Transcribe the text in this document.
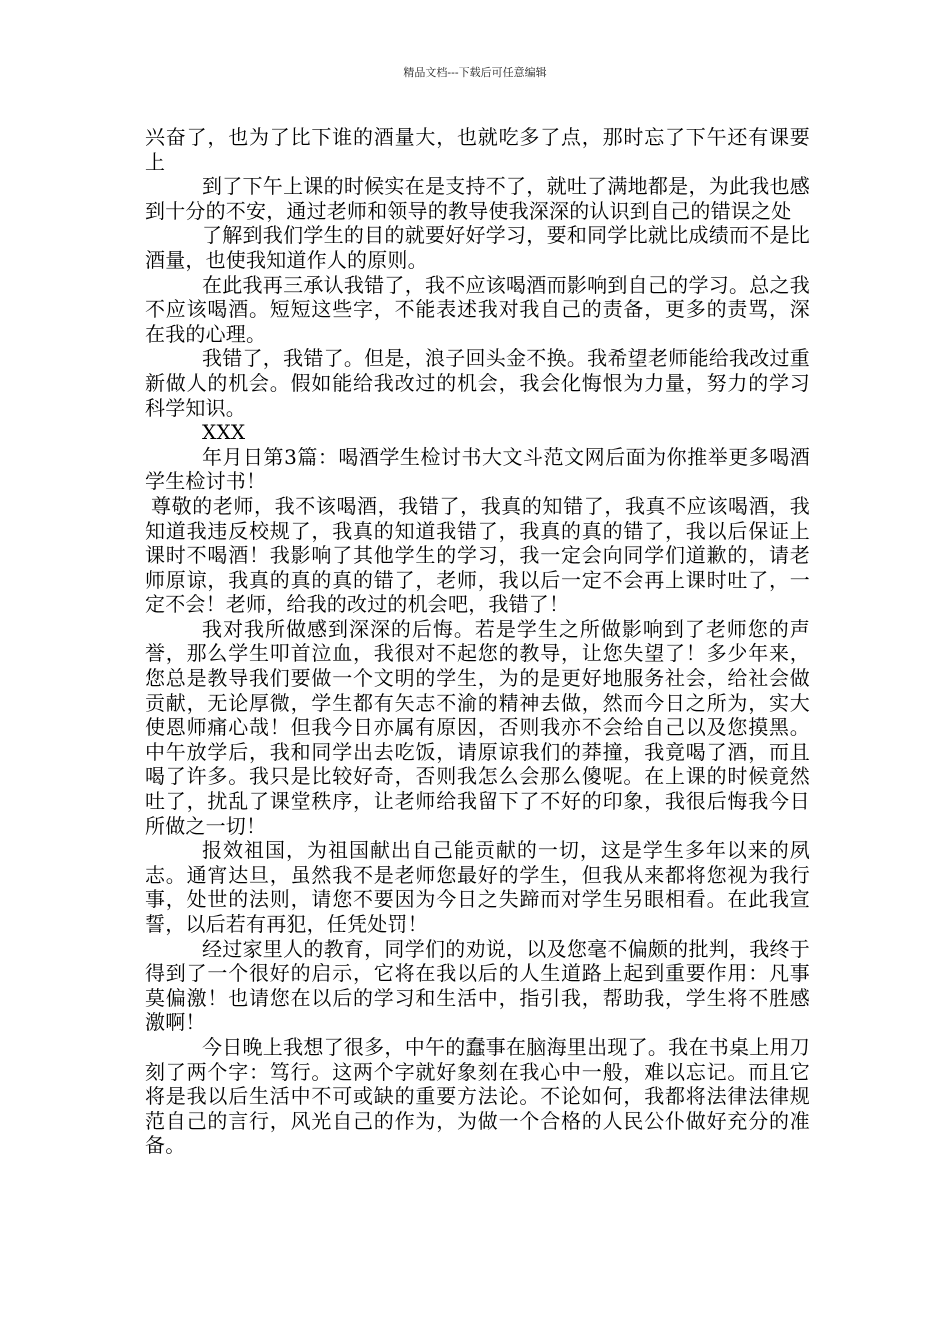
精品文档---下载后可任意编辑

兴奋了，也为了比下谁的酒量大，也就吃多了点，那时忘了下午还有课要上

到了下午上课的时候实在是支持不了，就吐了满地都是，为此我也感到十分的不安，通过老师和领导的教导使我深深的认识到自己的错误之处

了解到我们学生的目的就要好好学习，要和同学比就比成绩而不是比酒量，也使我知道作人的原则。

在此我再三承认我错了，我不应该喝酒而影响到自己的学习。总之我不应该喝酒。短短这些字，不能表述我对我自己的责备，更多的责骂，深在我的心理。

我错了，我错了。但是，浪子回头金不换。我希望老师能给我改过重新做人的机会。假如能给我改过的机会，我会化悔恨为力量，努力的学习科学知识。

XXX

年月日第3篇：喝酒学生检讨书大文斗范文网后面为你推举更多喝酒学生检讨书！

尊敬的老师，我不该喝酒，我错了，我真的知错了，我真不应该喝酒，我知道我违反校规了，我真的知道我错了，我真的真的错了，我以后保证上课时不喝酒！我影响了其他学生的学习，我一定会向同学们道歉的，请老师原谅，我真的真的真的错了，老师，我以后一定不会再上课时吐了，一定不会！老师，给我的改过的机会吧，我错了！

我对我所做感到深深的后悔。若是学生之所做影响到了老师您的声誉，那么学生叩首泣血，我很对不起您的教导，让您失望了！多少年来，您总是教导我们要做一个文明的学生，为的是更好地服务社会，给社会做贡献，无论厚微，学生都有矢志不渝的精神去做，然而今日之所为，实大使恩师痛心哉！但我今日亦属有原因，否则我亦不会给自己以及您摸黑。中午放学后，我和同学出去吃饭，请原谅我们的莽撞，我竟喝了酒，而且喝了许多。我只是比较好奇，否则我怎么会那么傻呢。在上课的时候竟然吐了，扰乱了课堂秩序，让老师给我留下了不好的印象，我很后悔我今日所做之一切！

报效祖国，为祖国献出自己能贡献的一切，这是学生多年以来的夙志。通宵达旦，虽然我不是老师您最好的学生，但我从来都将您视为我行事，处世的法则，请您不要因为今日之失蹄而对学生另眼相看。在此我宣誓，以后若有再犯，任凭处罚！

经过家里人的教育，同学们的劝说，以及您毫不偏颇的批判，我终于得到了一个很好的启示，它将在我以后的人生道路上起到重要作用：凡事莫偏激！也请您在以后的学习和生活中，指引我，帮助我，学生将不胜感激啊！

今日晚上我想了很多，中午的蠢事在脑海里出现了。我在书桌上用刀刻了两个字：笃行。这两个字就好象刻在我心中一般，难以忘记。而且它将是我以后生活中不可或缺的重要方法论。不论如何，我都将法律法律规范自己的言行，风光自己的作为，为做一个合格的人民公仆做好充分的准备。
